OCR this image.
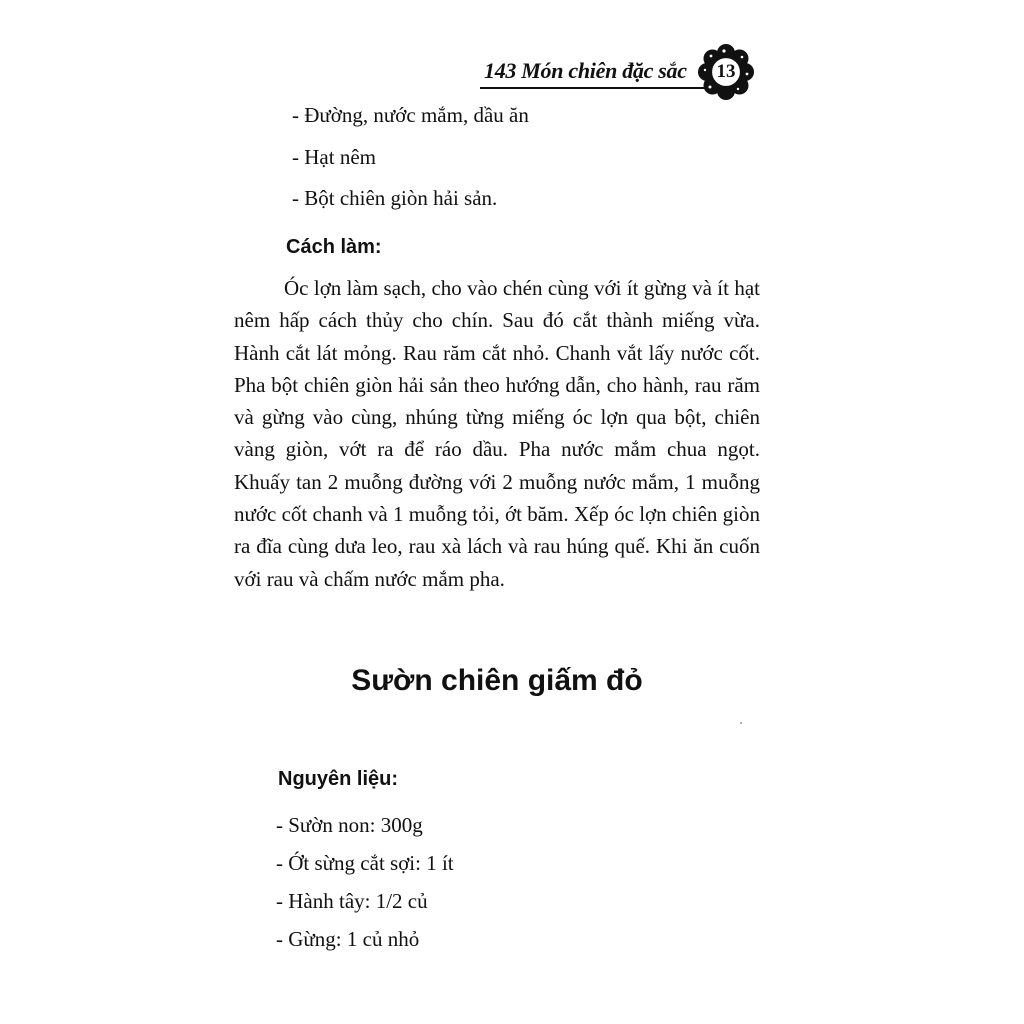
143 Món chiên đặc sắc	13
- Đường, nước mắm, dầu ăn
- Hạt nêm
- Bột chiên giòn hải sản.
Cách làm:

Óc lợn làm sạch, cho vào chén cùng với ít gừng và ít hạt nêm hấp cách thủy cho chín. Sau đó cắt thành miếng vừa. Hành cắt lát mỏng. Rau răm cắt nhỏ. Chanh vắt lấy nước cốt. Pha bột chiên giòn hải sản theo hướng dẫn, cho hành, rau răm và gừng vào cùng, nhúng từng miếng óc lợn qua bột, chiên vàng giòn, vớt ra để ráo dầu. Pha nước mắm chua ngọt. Khuấy tan 2 muỗng đường với 2 muỗng nước mắm, 1 muỗng nước cốt chanh và 1 muỗng tỏi, ớt băm. Xếp óc lợn chiên giòn ra đĩa cùng dưa leo, rau xà lách và rau húng quế. Khi ăn cuốn với rau và chấm nước mắm pha.

Sườn chiên giấm đỏ
Nguyên liệu:
- Sườn non: 300g
- Ớt sừng cắt sợi: 1 ít
- Hành tây: 1/2 củ
- Gừng: 1 củ nhỏ
